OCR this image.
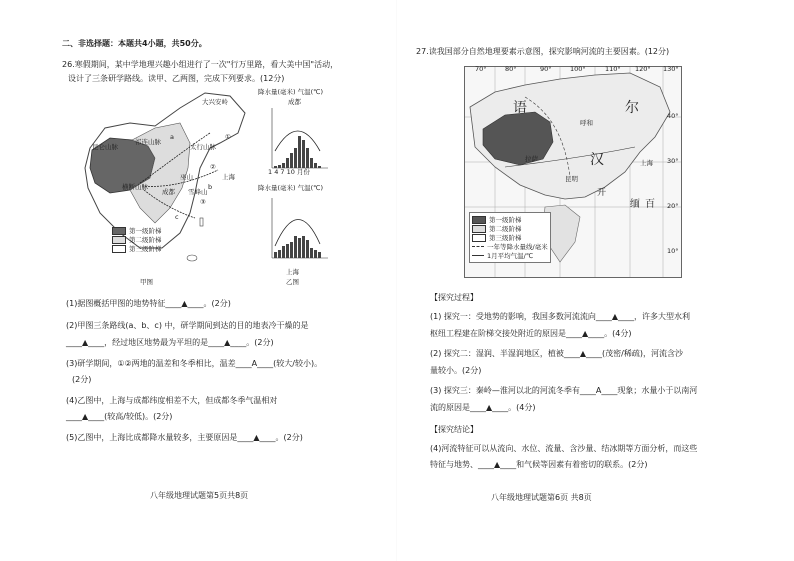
二、非选择题：本题共4小题，共50分。
26.寒假期间，某中学地理兴趣小组进行了一次"行万里路，看大美中国"活动，
设计了三条研学路线。读甲、乙两图，完成下列要求。(12分)
大兴安岭
太行山脉
巫山
雪峰山
祁连山脉
昆仑山脉
横断山脉
上海
成都
①
②
③
a
b
c
第一级阶梯
第二级阶梯
第三级阶梯
甲图
降水量(毫米) 气温(℃)
成都
1 4 7 10 月份
降水量(毫米) 气温(℃)
上海
乙图
(1)据图概括甲图的地势特征____▲____。(2分)
(2)甲图三条路线(a、b、c) 中，研学期间到达的目的地表冷干燥的是
____▲____，经过地区地势最为平坦的是____▲____。(2分)
(3)研学期间，①②两地的温差和冬季相比，温差____A____(较大/较小)。
(2分)
(4)乙图中，上海与成都纬度相差不大，但成都冬季气温相对
____▲____(较高/较低)。(2分)
(5)乙图中，上海比成都降水量较多，主要原因是____▲____。(2分)
八年级地理试题第5页共8页
27.读我国部分自然地理要素示意图，探究影响河流的主要因素。(12分)
70°	80°	90°	100°	110° 120° 130°
40°
30°
20°
10°
语	尔
汉
开
缅 百
呼和
上海
昆明
拉萨
第一级阶梯
第二级阶梯
第三级阶梯
一年等降水量线/毫米
1月平均气温/℃
【探究过程】
(1) 探究一：受地势的影响，我国多数河流流向____▲____，许多大型水利
枢纽工程建在阶梯交接处附近的原因是____▲____。(4分)
(2) 探究二：湿润、半湿润地区，植被____▲____(茂密/稀疏)，河流含沙
量较小。(2分)
(3) 探究三：秦岭—淮河以北的河流冬季有____A____现象；水量小于以南河
流的原因是____▲____。(4分)
【探究结论】
(4)河流特征可以从流向、水位、流量、含沙量、结冰期等方面分析，而这些
特征与地势、____▲____和气候等因素有着密切的联系。(2分)
八年级地理试题第6页 共8页
